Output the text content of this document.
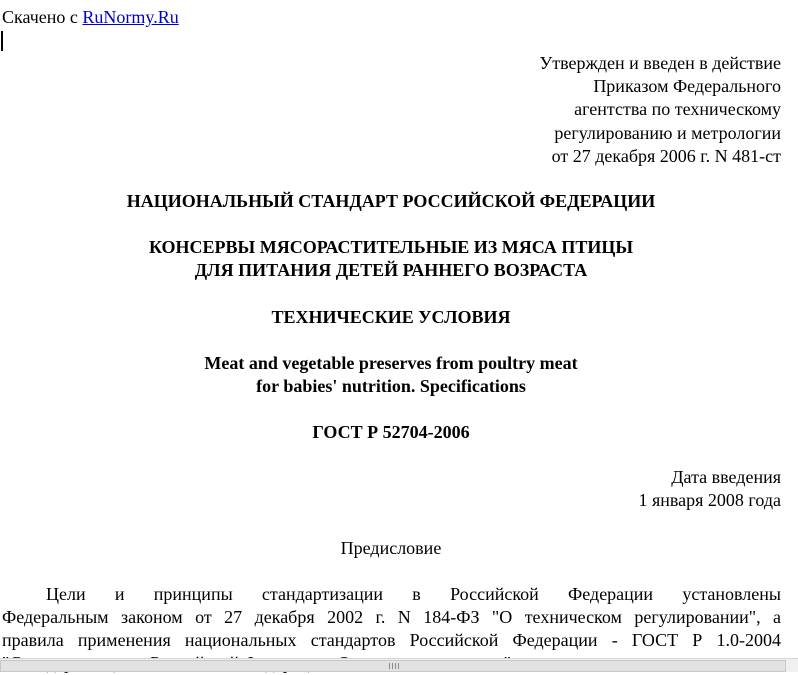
Скачено с RuNormy.Ru
Утвержден и введен в действие
Приказом Федерального
агентства по техническому
регулированию и метрологии
от 27 декабря 2006 г. N 481-ст
НАЦИОНАЛЬНЫЙ СТАНДАРТ РОССИЙСКОЙ ФЕДЕРАЦИИ
КОНСЕРВЫ МЯСОРАСТИТЕЛЬНЫЕ ИЗ МЯСА ПТИЦЫ
ДЛЯ ПИТАНИЯ ДЕТЕЙ РАННЕГО ВОЗРАСТА
ТЕХНИЧЕСКИЕ УСЛОВИЯ
Meat and vegetable preserves from poultry meat
for babies' nutrition. Specifications
ГОСТ Р 52704-2006
Дата введения
1 января 2008 года
Предисловие
Цели и принципы стандартизации в Российской Федерации установлены
Федеральным законом от 27 декабря 2002 г. N 184-ФЗ "О техническом регулировании", а
правила применения национальных стандартов Российской Федерации - ГОСТ Р 1.0-2004
